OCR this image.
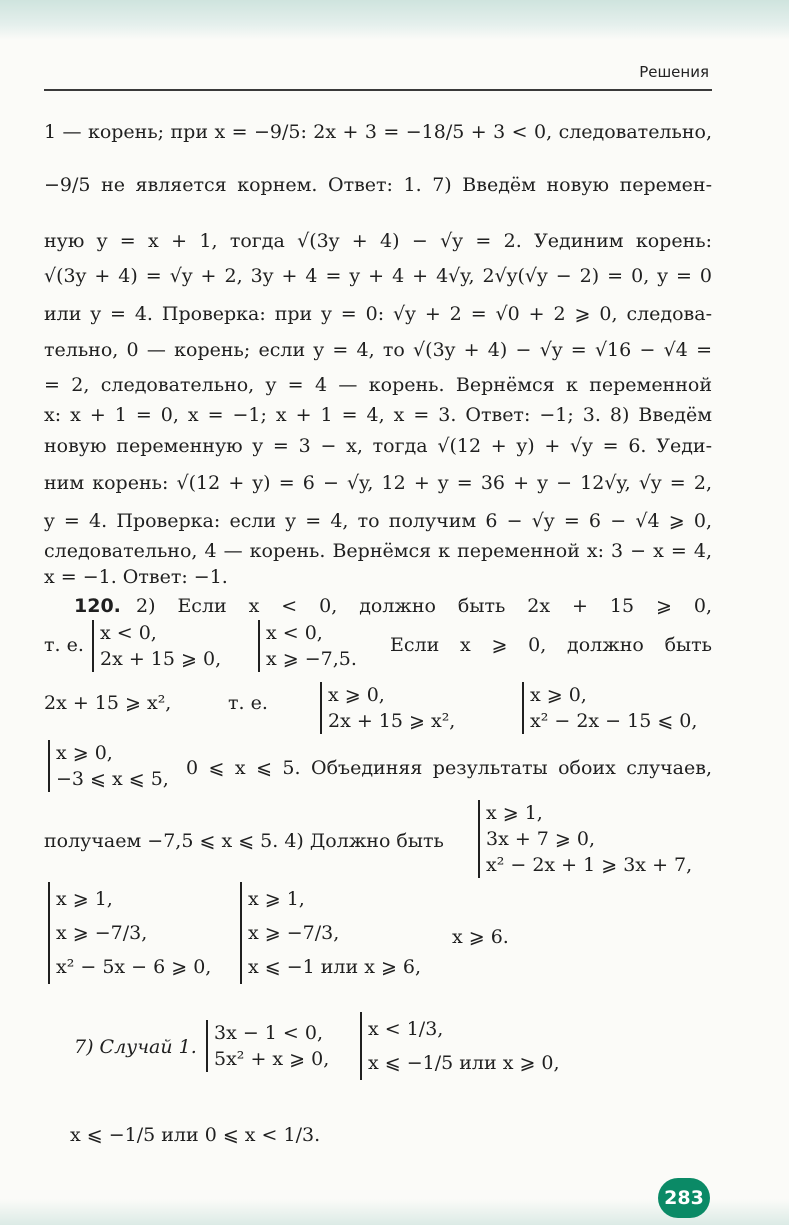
Решения
1 — корень; при x = −9/5: 2x + 3 = −18/5 + 3 < 0, следовательно,
−9/5 не является корнем. Ответ: 1. 7) Введём новую перемен-
ную y = x + 1, тогда √(3y + 4) − √y = 2. Уединим корень:
√(3y + 4) = √y + 2, 3y + 4 = y + 4 + 4√y, 2√y(√y − 2) = 0, y = 0
или y = 4. Проверка: при y = 0: √y + 2 = √0 + 2 ⩾ 0, следова-
тельно, 0 — корень; если y = 4, то √(3y + 4) − √y = √16 − √4 =
= 2, следовательно, y = 4 — корень. Вернёмся к переменной
x: x + 1 = 0, x = −1; x + 1 = 4, x = 3. Ответ: −1; 3. 8) Введём
новую переменную y = 3 − x, тогда √(12 + y) + √y = 6. Уеди-
ним корень: √(12 + y) = 6 − √y, 12 + y = 36 + y − 12√y, √y = 2,
y = 4. Проверка: если y = 4, то получим 6 − √y = 6 − √4 ⩾ 0,
следовательно, 4 — корень. Вернёмся к переменной x: 3 − x = 4,
x = −1. Ответ: −1.
120. 2) Если x < 0, должно быть 2x + 15 ⩾ 0,
т. е.
x < 0,
2x + 15 ⩾ 0,
x < 0,
x ⩾ −7,5.
Если x ⩾ 0, должно быть
2x + 15 ⩾ x²,	т. е.	x ⩾ 0,
2x + 15 ⩾ x²,
x ⩾ 0,
x² − 2x − 15 ⩽ 0,
x ⩾ 0,
−3 ⩽ x ⩽ 5, 0 ⩽ x ⩽ 5. Объединяя результаты обоих случаев,
получаем −7,5 ⩽ x ⩽ 5. 4) Должно быть
x ⩾ 1,
3x + 7 ⩾ 0,
x² − 2x + 1 ⩾ 3x + 7,
x ⩾ 1,
x ⩾ −7/3,
x² − 5x − 6 ⩾ 0,
x ⩾ 1,
x ⩾ −7/3,
x ⩽ −1 или x ⩾ 6,
x ⩾ 6.
7) Случай 1.
3x − 1 < 0,
5x² + x ⩾ 0,
x < 1/3,
x ⩽ −1/5 или x ⩾ 0,
x ⩽ −1/5 или 0 ⩽ x < 1/3.
283
